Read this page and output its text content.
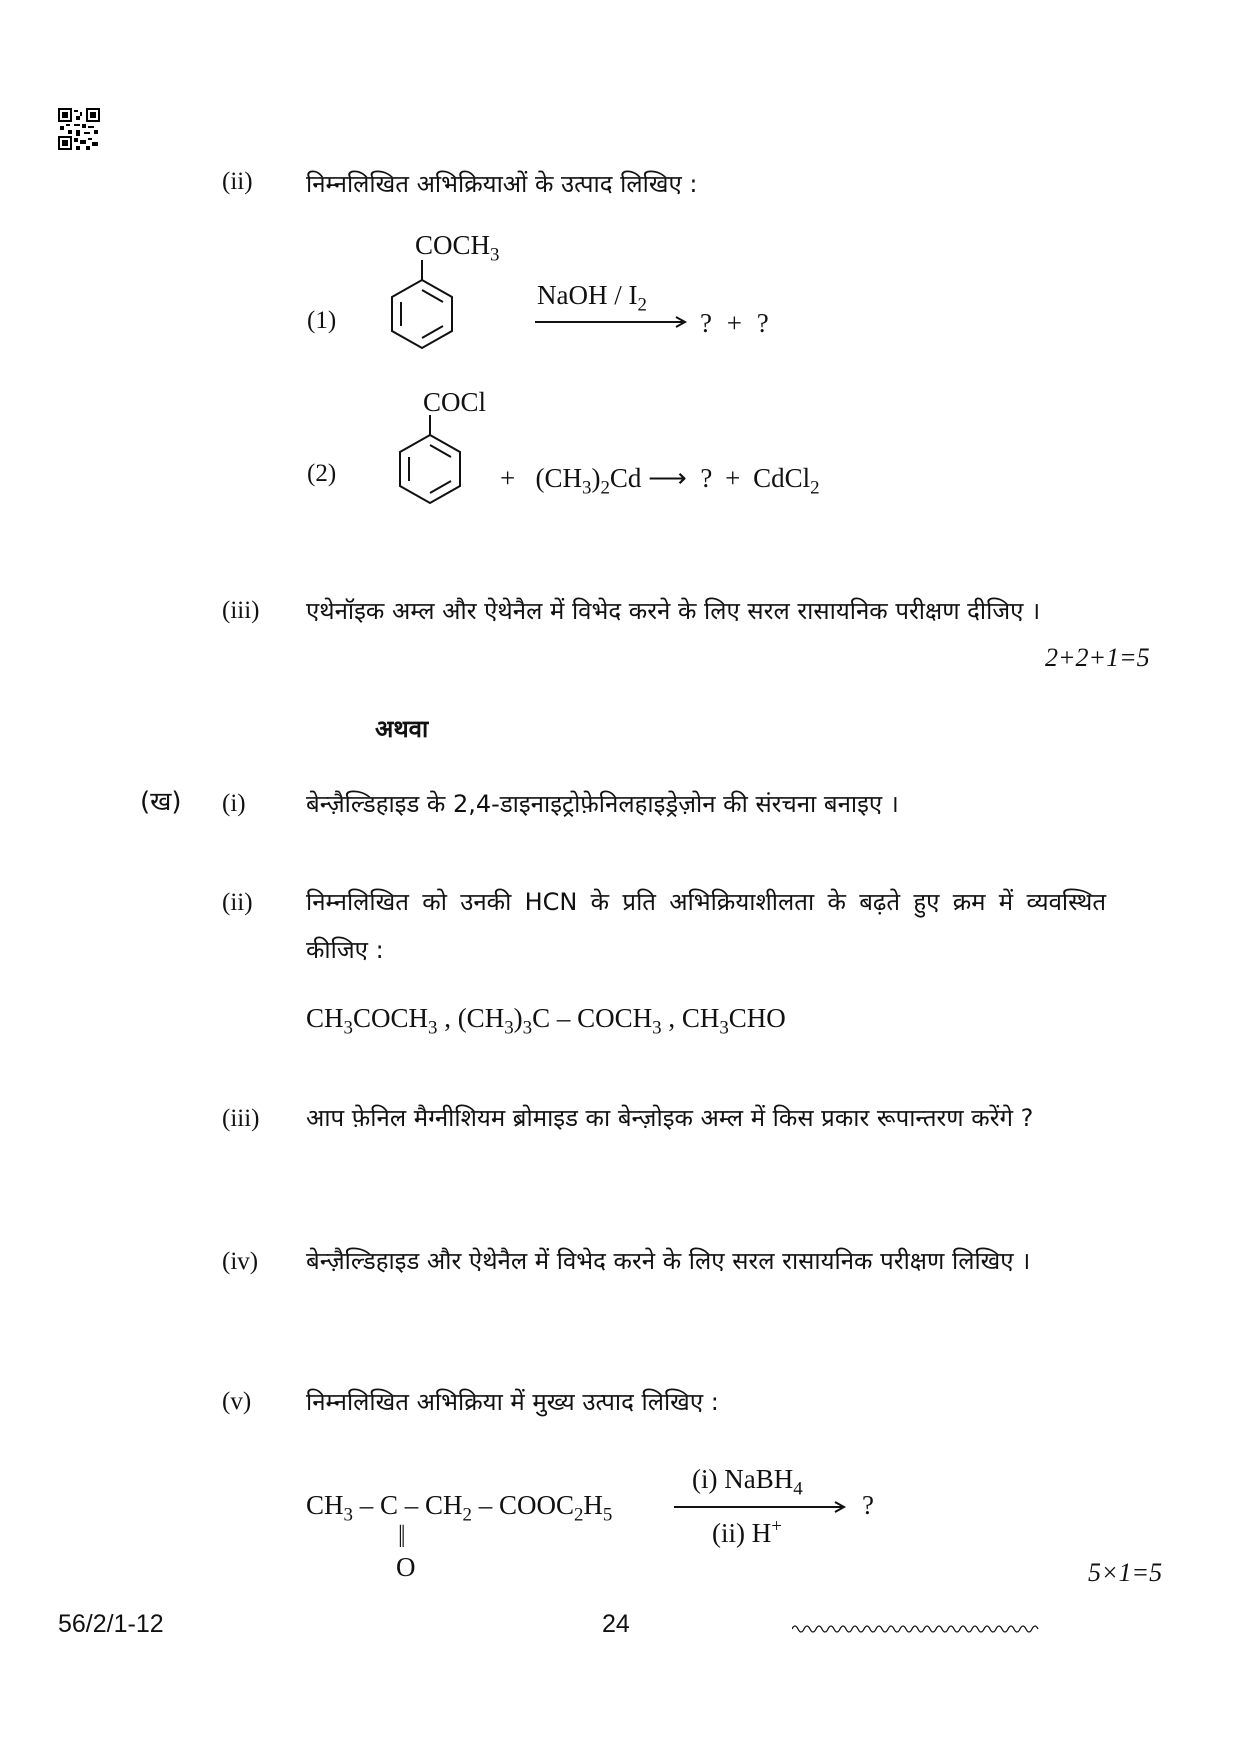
(ii) निम्नलिखित अभिक्रियाओं के उत्पाद लिखिए :
(1)
$COCH_3$
NaOH / $I_2$
? + ?
(2)
COCl
+ $(CH_3)_2Cd$ ⟶ ? + CdCl$_2$
(iii) एथेनॉइक अम्ल और ऐथेनैल में विभेद करने के लिए सरल रासायनिक परीक्षण दीजिए ।
2+2+1=5
अथवा
(ख) (i)	बेन्ज़ैल्डिहाइड के 2,4-डाइनाइट्रोफ़ेनिलहाइड्रेज़ोन की संरचना बनाइए ।
(ii) निम्नलिखित को उनकी HCN के प्रति अभिक्रियाशीलता के बढ़ते हुए क्रम में व्यवस्थित कीजिए :
$CH_3COCH_3$ , $(CH_3)_3C$ – $COCH_3$ , $CH_3CHO$
(iii) आप फ़ेनिल मैग्नीशियम ब्रोमाइड का बेन्ज़ोइक अम्ल में किस प्रकार रूपान्तरण करेंगे ?
(iv) बेन्ज़ैल्डिहाइड और ऐथेनैल में विभेद करने के लिए सरल रासायनिक परीक्षण लिखिए ।
(v) निम्नलिखित अभिक्रिया में मुख्य उत्पाद लिखिए :
$CH_3$ – C – $CH_2$ – $COOC_2H_5$
||
O
(i) NaBH$_4$
(ii) H+
?
5×1=5
56/2/1-12	24
